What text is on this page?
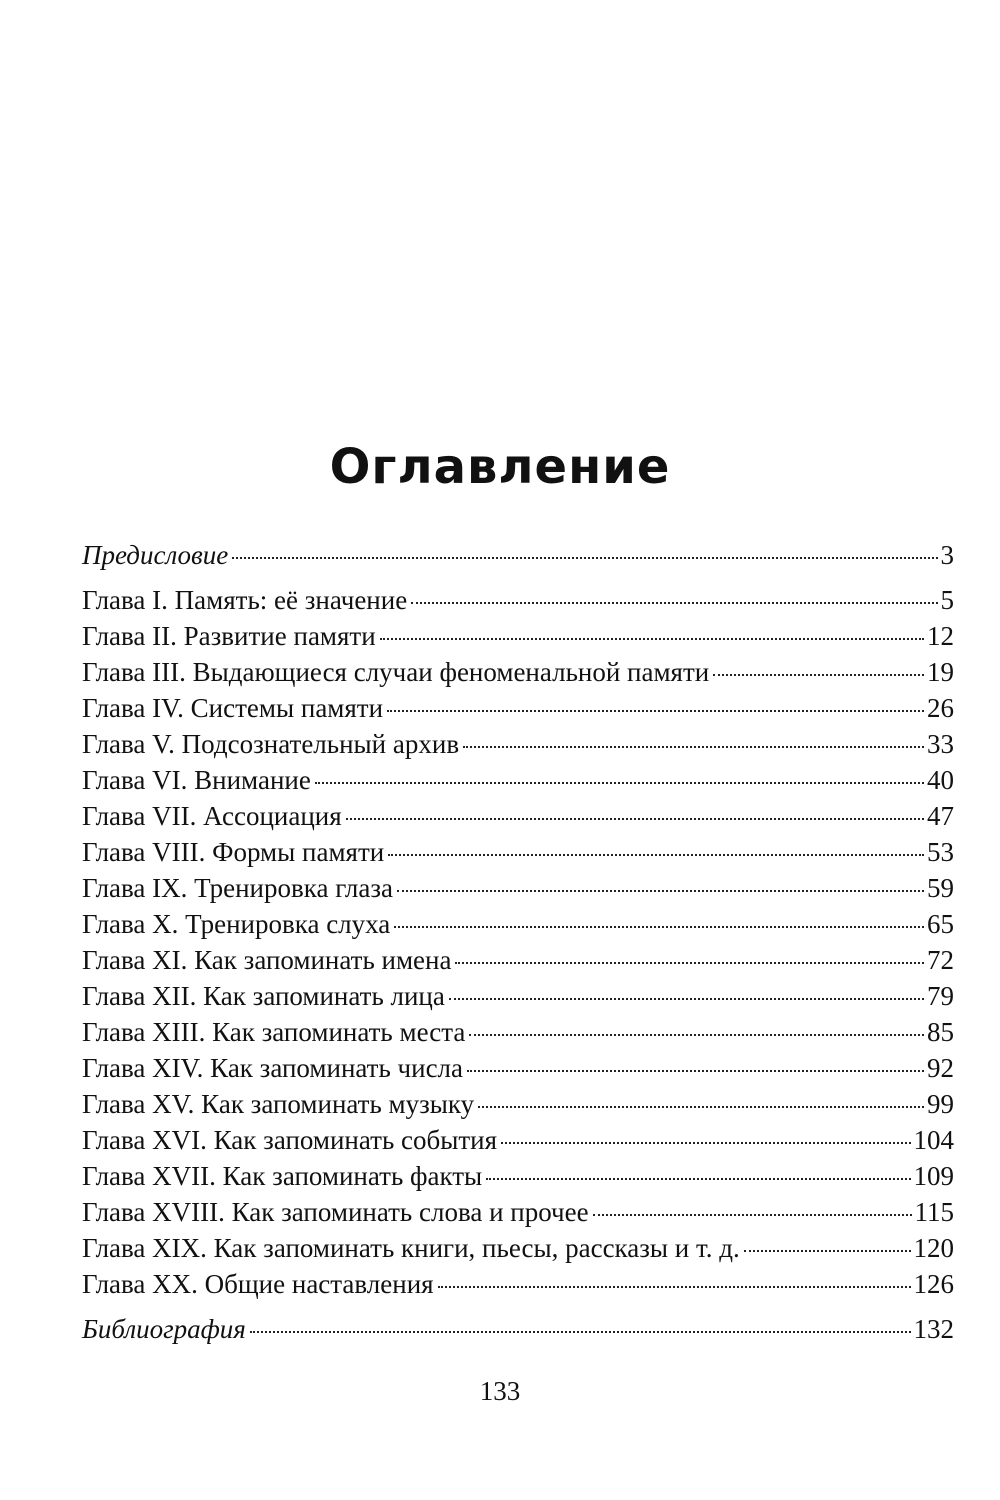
Оглавление
Предисловие	3
Глава I. Память: её значение	5
Глава II. Развитие памяти	12
Глава III. Выдающиеся случаи феноменальной памяти	19
Глава IV. Системы памяти	26
Глава V. Подсознательный архив	33
Глава VI. Внимание	40
Глава VII. Ассоциация	47
Глава VIII. Формы памяти	53
Глава IX. Тренировка глаза	59
Глава X. Тренировка слуха	65
Глава XI. Как запоминать имена	72
Глава XII. Как запоминать лица	79
Глава XIII. Как запоминать места	85
Глава XIV. Как запоминать числа	92
Глава XV. Как запоминать музыку	99
Глава XVI. Как запоминать события	104
Глава XVII. Как запоминать факты	109
Глава XVIII. Как запоминать слова и прочее	115
Глава XIX. Как запоминать книги, пьесы, рассказы и т. д.	120
Глава XX. Общие наставления	126
Библиография	132
133
